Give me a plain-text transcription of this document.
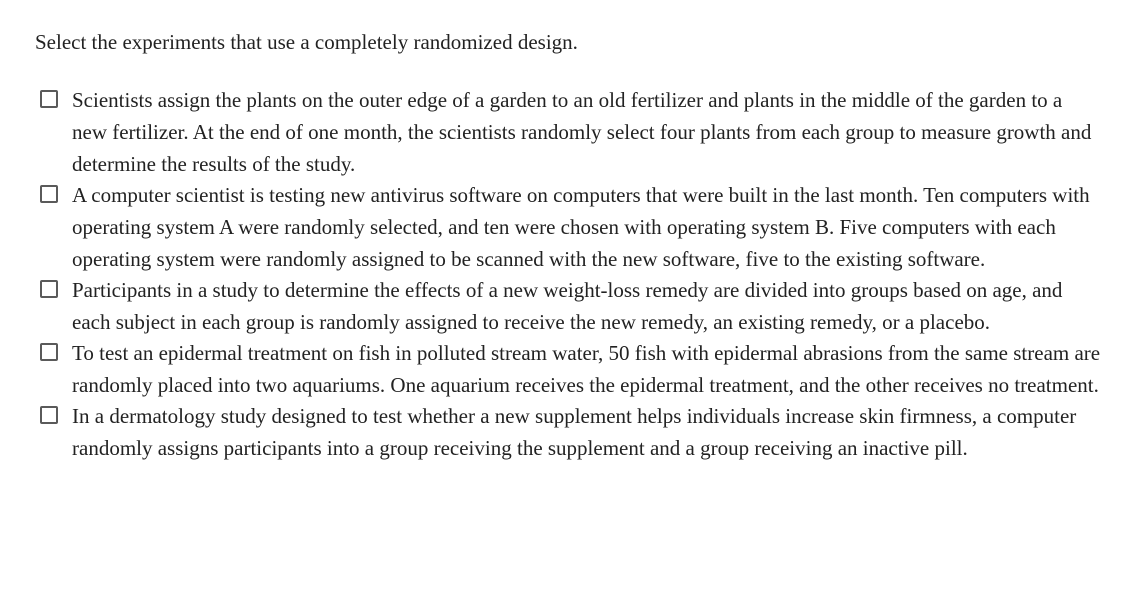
Select the experiments that use a completely randomized design.
Scientists assign the plants on the outer edge of a garden to an old fertilizer and plants in the middle of the garden to a new fertilizer. At the end of one month, the scientists randomly select four plants from each group to measure growth and determine the results of the study.
A computer scientist is testing new antivirus software on computers that were built in the last month. Ten computers with operating system A were randomly selected, and ten were chosen with operating system B. Five computers with each operating system were randomly assigned to be scanned with the new software, five to the existing software.
Participants in a study to determine the effects of a new weight-loss remedy are divided into groups based on age, and each subject in each group is randomly assigned to receive the new remedy, an existing remedy, or a placebo.
To test an epidermal treatment on fish in polluted stream water, 50 fish with epidermal abrasions from the same stream are randomly placed into two aquariums. One aquarium receives the epidermal treatment, and the other receives no treatment.
In a dermatology study designed to test whether a new supplement helps individuals increase skin firmness, a computer randomly assigns participants into a group receiving the supplement and a group receiving an inactive pill.
